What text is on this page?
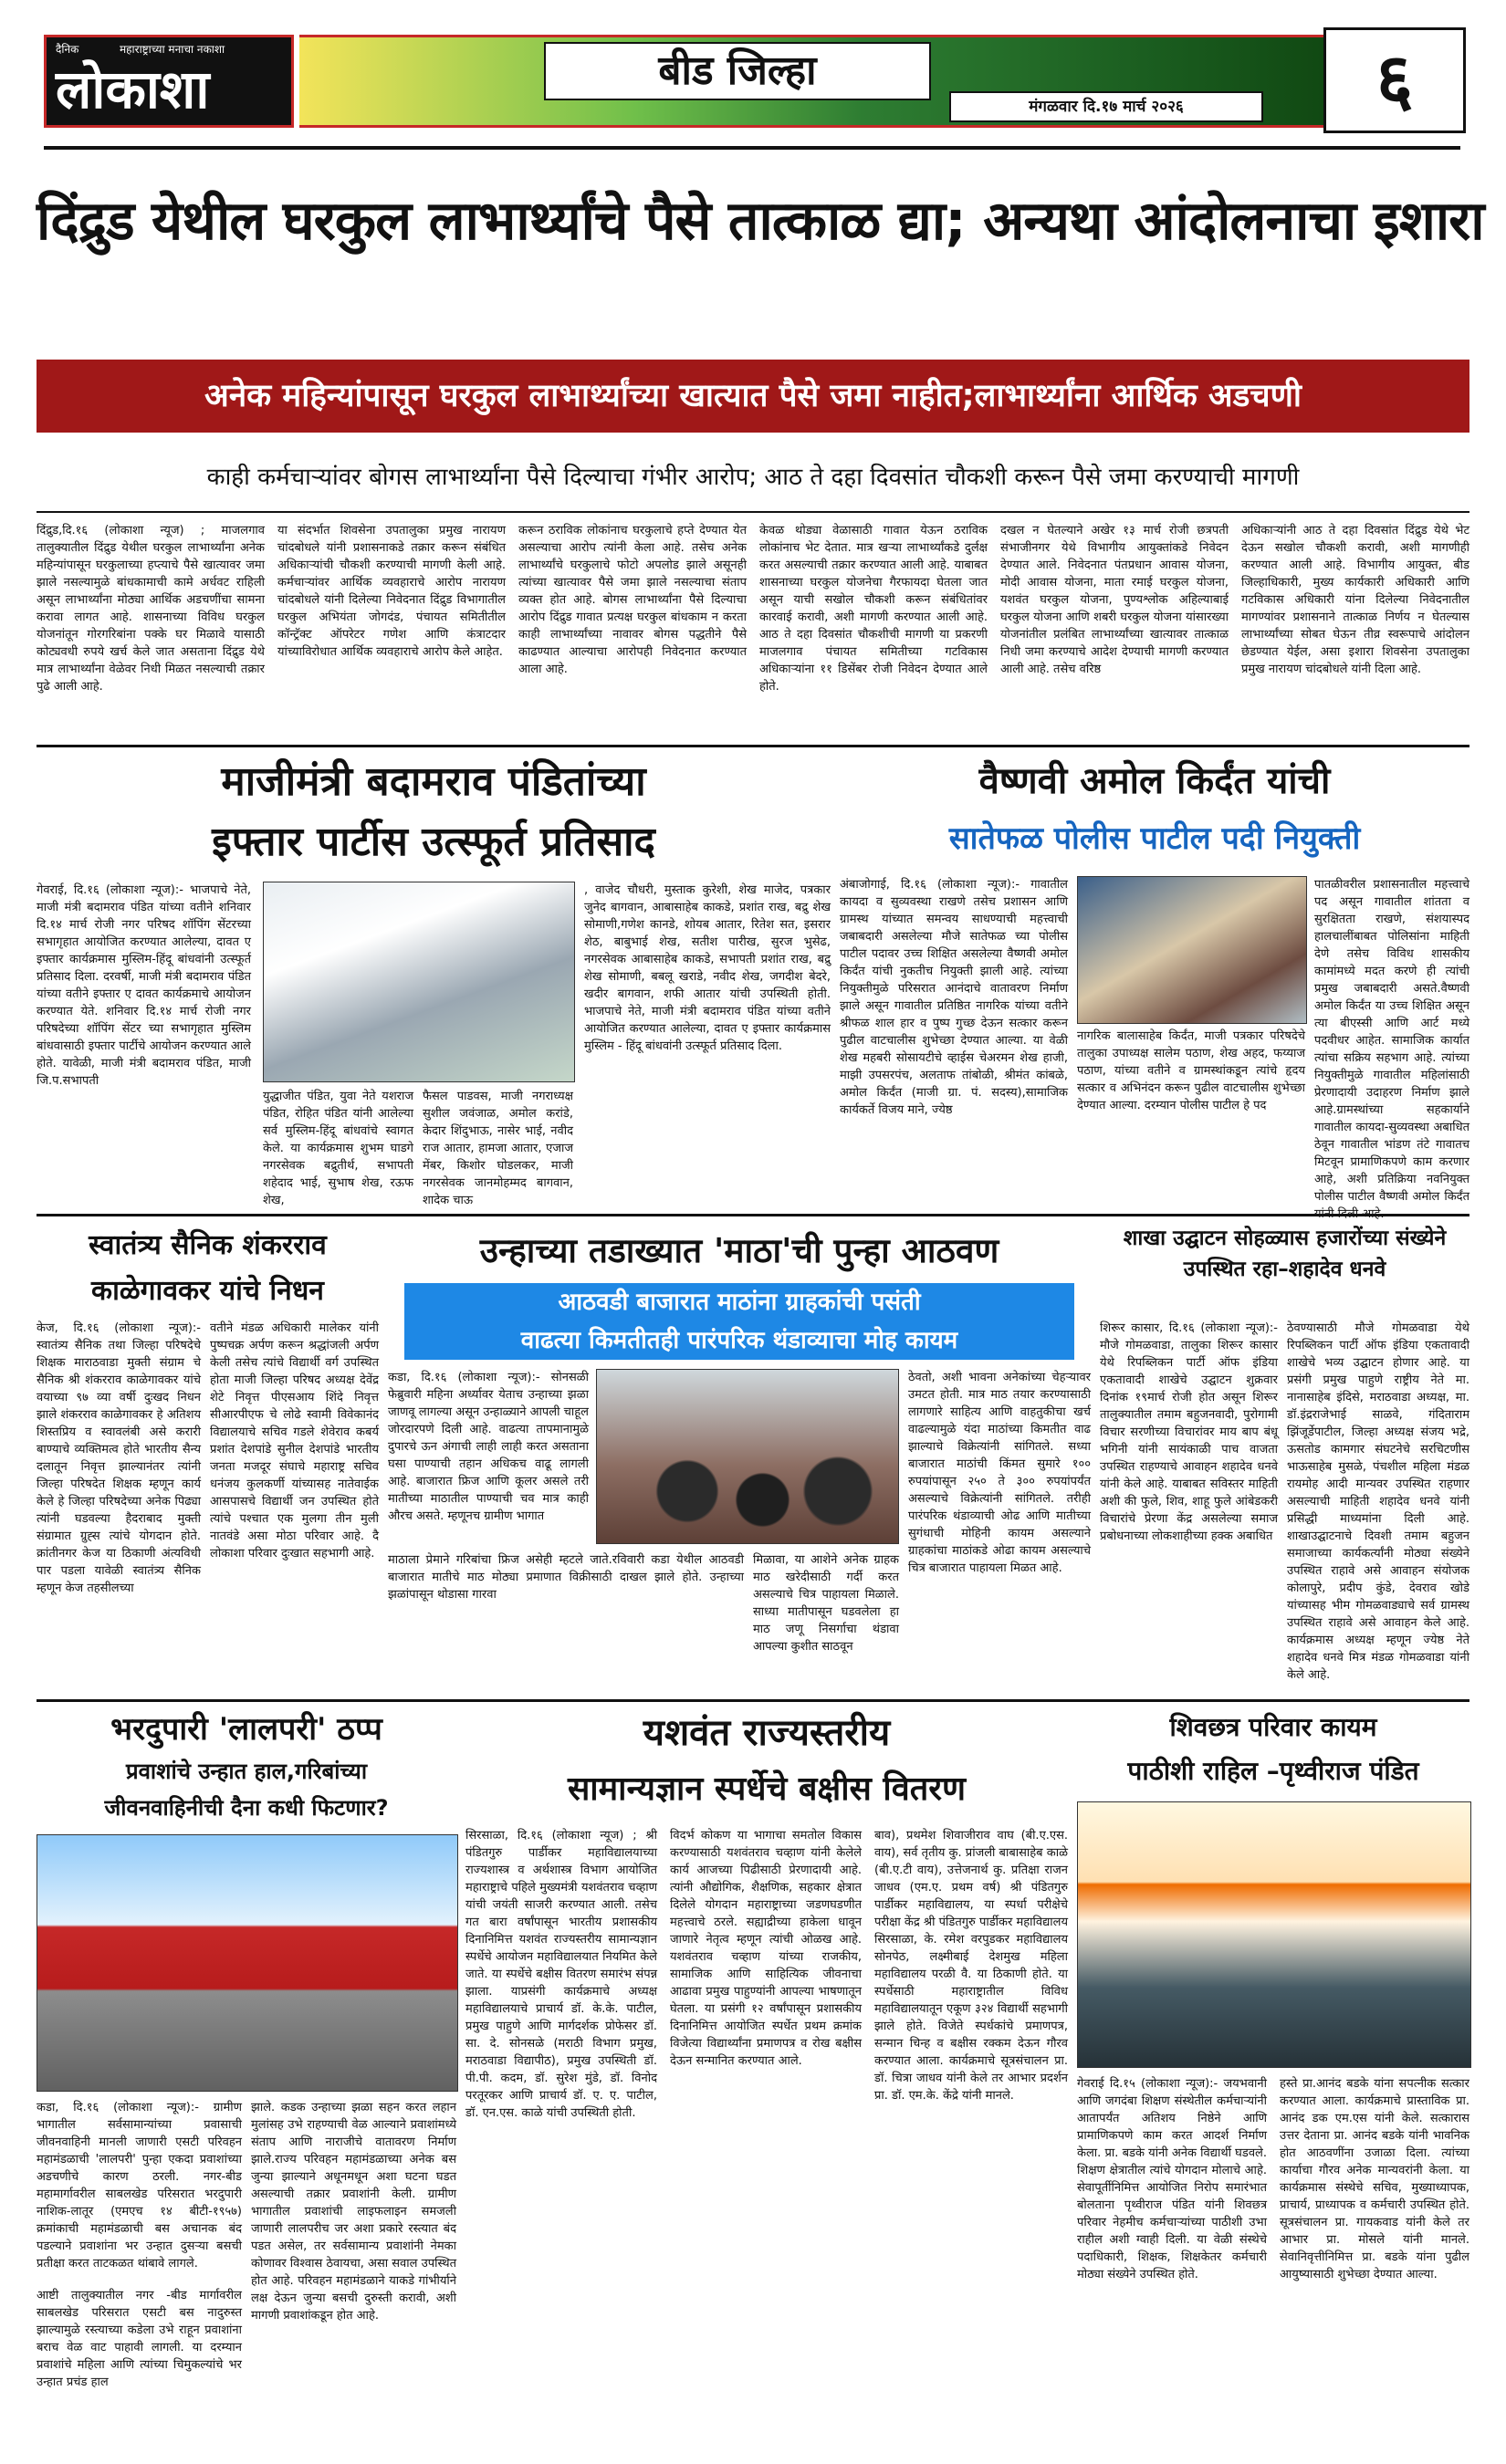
दैनिक	महाराष्ट्राच्या मनाचा नकाशा
लोकाशा	बीड जिल्हा
मंगळवार दि.१७ मार्च २०२६	६
दिंद्रुड येथील घरकुल लाभार्थ्यांचे पैसे तात्काळ द्या; अन्यथा आंदोलनाचा इशारा
अनेक महिन्यांपासून घरकुल लाभार्थ्यांच्या खात्यात पैसे जमा नाहीत;लाभार्थ्यांना आर्थिक अडचणी
काही कर्मचाऱ्यांवर बोगस लाभार्थ्यांना पैसे दिल्याचा गंभीर आरोप; आठ ते दहा दिवसांत चौकशी करून पैसे जमा करण्याची मागणी
दिंद्रुड,दि.१६ (लोकाशा न्यूज) ; माजलगाव तालुक्यातील दिंद्रुड येथील घरकुल लाभार्थ्यांना अनेक महिन्यांपासून घरकुलाच्या हप्त्याचे पैसे खात्यावर जमा झाले नसल्यामुळे बांधकामाची कामे अर्धवट राहिली असून लाभार्थ्यांना मोठ्या आर्थिक अडचणींचा सामना करावा लागत आहे. शासनाच्या विविध घरकुल योजनांतून गोरगरिबांना पक्के घर मिळावे यासाठी कोट्यवधी रुपये खर्च केले जात असताना दिंद्रुड येथे मात्र लाभार्थ्यांना वेळेवर निधी मिळत नसल्याची तक्रार पुढे आली आहे.
या संदर्भात शिवसेना उपतालुका प्रमुख नारायण चांदबोधले यांनी प्रशासनाकडे तक्रार करून संबंधित अधिकाऱ्यांची चौकशी करण्याची मागणी केली आहे. कर्मचाऱ्यांवर आर्थिक व्यवहाराचे आरोप नारायण चांदबोधले यांनी दिलेल्या निवेदनात दिंद्रुड विभागातील घरकुल अभियंता जोगदंड, पंचायत समितीतील कॉन्ट्रॅक्ट ऑपरेटर गणेश आणि कंत्राटदार यांच्याविरोधात आर्थिक व्यवहाराचे आरोप केले आहेत.
करून ठराविक लोकांनाच घरकुलाचे हप्ते देण्यात येत असल्याचा आरोप त्यांनी केला आहे. तसेच अनेक लाभार्थ्यांचे घरकुलाचे फोटो अपलोड झाले असूनही त्यांच्या खात्यावर पैसे जमा झाले नसल्याचा संताप व्यक्त होत आहे. बोगस लाभार्थ्यांना पैसे दिल्याचा आरोप दिंद्रुड गावात प्रत्यक्ष घरकुल बांधकाम न करता काही लाभार्थ्यांच्या नावावर बोगस पद्धतीने पैसे काढण्यात आल्याचा आरोपही निवेदनात करण्यात आला आहे.
केवळ थोड्या वेळासाठी गावात येऊन ठराविक लोकांनाच भेट देतात. मात्र खऱ्या लाभार्थ्यांकडे दुर्लक्ष करत असल्याची तक्रार करण्यात आली आहे. याबाबत शासनाच्या घरकुल योजनेचा गैरफायदा घेतला जात असून याची सखोल चौकशी करून संबंधितांवर कारवाई करावी, अशी मागणी करण्यात आली आहे. आठ ते दहा दिवसांत चौकशीची मागणी या प्रकरणी माजलगाव पंचायत समितीच्या गटविकास अधिकाऱ्यांना ११ डिसेंबर रोजी निवेदन देण्यात आले होते.
दखल न घेतल्याने अखेर १३ मार्च रोजी छत्रपती संभाजीनगर येथे विभागीय आयुक्तांकडे निवेदन देण्यात आले. निवेदनात पंतप्रधान आवास योजना, मोदी आवास योजना, माता रमाई घरकुल योजना, यशवंत घरकुल योजना, पुण्यश्लोक अहिल्याबाई घरकुल योजना आणि शबरी घरकुल योजना यांसारख्या योजनांतील प्रलंबित लाभार्थ्यांच्या खात्यावर तात्काळ निधी जमा करण्याचे आदेश देण्याची मागणी करण्यात आली आहे. तसेच वरिष्ठ
अधिकाऱ्यांनी आठ ते दहा दिवसांत दिंद्रुड येथे भेट देऊन सखोल चौकशी करावी, अशी मागणीही करण्यात आली आहे. विभागीय आयुक्त, बीड जिल्हाधिकारी, मुख्य कार्यकारी अधिकारी आणि गटविकास अधिकारी यांना दिलेल्या निवेदनातील मागण्यांवर प्रशासनाने तात्काळ निर्णय न घेतल्यास लाभार्थ्यांच्या सोबत घेऊन तीव्र स्वरूपाचे आंदोलन छेडण्यात येईल, असा इशारा शिवसेना उपतालुका प्रमुख नारायण चांदबोधले यांनी दिला आहे.
माजीमंत्री बदामराव पंडितांच्या
इफ्तार पार्टीस उत्स्फूर्त प्रतिसाद
गेवराई, दि.१६ (लोकाशा न्यूज):- भाजपाचे नेते, माजी मंत्री बदामराव पंडित यांच्या वतीने शनिवार दि.१४ मार्च रोजी नगर परिषद शॉपिंग सेंटरच्या सभागृहात आयोजित करण्यात आलेल्या, दावत ए इफ्तार कार्यक्रमास मुस्लिम-हिंदू बांधवांनी उत्स्फूर्त प्रतिसाद दिला. दरवर्षी, माजी मंत्री बदामराव पंडित यांच्या वतीने इफ्तार ए दावत कार्यक्रमाचे आयोजन करण्यात येते. शनिवार दि.१४ मार्च रोजी नगर परिषदेच्या शॉपिंग सेंटर च्या सभागृहात मुस्लिम बांधवासाठी इफ्तार पार्टीचे आयोजन करण्यात आले होते. यावेळी, माजी मंत्री बदामराव पंडित, माजी जि.प.सभापती
युद्धाजीत पंडित, युवा नेते यशराज पंडित, रोहित पंडित यांनी आलेल्या सर्व मुस्लिम-हिंदू बांधवांचे स्वागत केले. या कार्यक्रमास शुभम घाडगे नगरसेवक बद्रुतीर्थ, सभापती शहेदाद भाई, सुभाष शेख, रऊफ शेख,
फैसल पाडवस, माजी नगराध्यक्ष सुशील जवंजाळ, अमोल करांडे, केदार शिंदुभाऊ, नासेर भाई, नवीद राज आतार, हामजा आतार, एजाज मेंबर, किशोर घोडलकर, माजी नगरसेवक जानमोहम्मद बागवान, शादेक चाऊ
, वाजेद चौधरी, मुस्ताक कुरेशी, शेख माजेद, पत्रकार जुनेद बागवान, आबासाहेब काकडे, प्रशांत राख, बद्रु शेख सोमाणी,गणेश कानडे, शोयब आतार, रितेश सत, इसरार शेठ, बाबुभाई शेख, सतीश पारीख, सुरज भुसेढ, नगरसेवक आबासाहेब काकडे, सभापती प्रशांत राख, बद्रु शेख सोमाणी, बबलू खराडे, नवीद शेख, जगदीश बेदरे, खदीर बागवान, शफी आतार यांची उपस्थिती होती. भाजपाचे नेते, माजी मंत्री बदामराव पंडित यांच्या वतीने आयोजित करण्यात आलेल्या, दावत ए इफ्तार कार्यक्रमास मुस्लिम - हिंदू बांधवांनी उत्स्फूर्त प्रतिसाद दिला.
वैष्णवी अमोल किर्दंत यांची
सातेफळ पोलीस पाटील पदी नियुक्ती
अंबाजोगाई, दि.१६ (लोकाशा न्यूज):- गावातील कायदा व सुव्यवस्था राखणे तसेच प्रशासन आणि ग्रामस्थ यांच्यात समन्वय साधण्याची महत्त्वाची जबाबदारी असलेल्या मौजे सातेफळ च्या पोलीस पाटील पदावर उच्च शिक्षित असलेल्या वैष्णवी अमोल किर्दंत यांची नुकतीच नियुक्ती झाली आहे. त्यांच्या नियुक्तीमुळे परिसरात आनंदाचे वातावरण निर्माण झाले असून गावातील प्रतिष्ठित नागरिक यांच्या वतीने श्रीफळ शाल हार व पुष्प गुच्छ देऊन सत्कार करून पुढील वाटचालीस शुभेच्छा देण्यात आल्या. या वेळी शेख महबरी सोसायटीचे व्हाईस चेअरमन शेख हाजी, माझी उपसरपंच, अलताफ तांबोळी, श्रीमंत कांबळे, अमोल किर्दंत (माजी ग्रा. पं. सदस्य),सामाजिक कार्यकर्ते विजय माने, ज्येष्ठ
नागरिक बालासाहेब किर्दंत, माजी पत्रकार परिषदेचे तालुका उपाध्यक्ष सालेम पठाण, शेख अहद, फय्याज पठाण, यांच्या वतीने व ग्रामस्थांकडून त्यांचे हृदय सत्कार व अभिनंदन करून पुढील वाटचालीस शुभेच्छा देण्यात आल्या. दरम्यान पोलीस पाटील हे पद
पातळीवरील प्रशासनातील महत्त्वाचे पद असून गावातील शांतता व सुरक्षितता राखणे, संशयास्पद हालचालींबाबत पोलिसांना माहिती देणे तसेच विविध शासकीय कामांमध्ये मदत करणे ही त्यांची प्रमुख जबाबदारी असते.वैष्णवी अमोल किर्दंत या उच्च शिक्षित असून त्या बीएस्सी आणि आर्ट मध्ये पदवीधर आहेत. सामाजिक कार्यात त्यांचा सक्रिय सहभाग आहे. त्यांच्या नियुक्तीमुळे गावातील महिलांसाठी प्रेरणादायी उदाहरण निर्माण झाले आहे.ग्रामस्थांच्या सहकार्याने गावातील कायदा-सुव्यवस्था अबाधित ठेवून गावातील भांडण तंटे गावातच मिटवून प्रामाणिकपणे काम करणार आहे, अशी प्रतिक्रिया नवनियुक्त पोलीस पाटील वैष्णवी अमोल किर्दंत
स्वातंत्र्य सैनिक शंकरराव
काळेगावकर यांचे निधन
केज, दि.१६ (लोकाशा न्यूज):- स्वातंत्र्य सैनिक तथा जिल्हा परिषदेचे शिक्षक माराठवाडा मुक्ती संग्राम चे सैनिक श्री शंकरराव काळेगावकर यांचे वयाच्या ९७ व्या वर्षी दुःखद निधन झाले शंकरराव काळेगावकर हे अतिशय शिस्तप्रिय व स्वावलंबी असे करारी बाण्याचे व्यक्तिमत्व होते भारतीय सैन्य दलातून निवृत्त झाल्यानंतर त्यांनी जिल्हा परिषदेत शिक्षक म्हणून कार्य केले हे जिल्हा परिषदेच्या अनेक पिढ्या त्यांनी घडवल्या हैदराबाद मुक्ती संग्रामात ग्रुह्स त्यांचे योगदान होते. क्रांतीनगर केज या ठिकाणी अंत्यविधी पार पडला यावेळी स्वातंत्र्य सैनिक म्हणून केज तहसीलच्या
वतीने मंडळ अधिकारी मालेकर यांनी पुष्पचक्र अर्पण करून श्रद्धांजली अर्पण केली तसेच त्यांचे विद्यार्थी वर्ग उपस्थित होता माजी जिल्हा परिषद अध्यक्ष देवेंद्र शेटे निवृत्त पीएसआय शिंदे निवृत्त सीआरपीएफ चे लोढे स्वामी विवेकानंद विद्यालयाचे सचिव गडले शेवेराव कबर्य प्रशांत देशपांडे सुनील देशपांडे भारतीय जनता मजदूर संघाचे महाराष्ट्र सचिव धनंजय कुलकर्णी यांच्यासह नातेवाईक आसपासचे विद्यार्थी जन उपस्थित होते त्यांचे पश्चात एक मुलगा तीन मुली नातवंडे असा मोठा परिवार आहे. दै लोकाशा परिवार दुःखात सहभागी आहे.
उन्हाच्या तडाख्यात 'माठा'ची पुन्हा आठवण
आठवडी बाजारात माठांना ग्राहकांची पसंती
वाढत्या किमतीतही पारंपरिक थंडाव्याचा मोह कायम
कडा, दि.१६ (लोकाशा न्यूज):- सोनसळी फेब्रुवारी महिना अर्ध्यावर येताच उन्हाच्या झळा जाणवू लागल्या असून उन्हाळ्याने आपली चाहूल जोरदारपणे दिली आहे. वाढत्या तापमानामुळे दुपारचे ऊन अंगाची लाही लाही करत असताना घसा पाण्याची तहान अधिकच वाढू लागली आहे. बाजारात फ्रिज आणि कूलर असले तरी मातीच्या माठातील पाण्याची चव मात्र काही औरच असते. म्हणूनच ग्रामीण भागात
माठाला प्रेमाने गरिबांचा फ्रिज असेही म्हटले जाते.रविवारी कडा येथील आठवडी बाजारात मातीचे माठ मोठ्या प्रमाणात विक्रीसाठी दाखल झाले होते. उन्हाच्या झळांपासून थोडासा गारवा
मिळावा, या आशेने अनेक ग्राहक माठ खरेदीसाठी गर्दी करत असल्याचे चित्र पाहायला मिळाले. साध्या मातीपासून घडवलेला हा माठ जणू निसर्गाचा थंडावा आपल्या कुशीत साठवून
ठेवतो, अशी भावना अनेकांच्या चेहऱ्यावर उमटत होती. मात्र माठ तयार करण्यासाठी लागणारे साहित्य आणि वाहतुकीचा खर्च वाढल्यामुळे यंदा माठांच्या किमतीत वाढ झाल्याचे विक्रेत्यांनी सांगितले. सध्या बाजारात माठांची किंमत सुमारे १०० रुपयांपासून २५० ते ३०० रुपयांपर्यंत असल्याचे विक्रेत्यांनी सांगितले. तरीही पारंपरिक थंडाव्याची ओढ आणि मातीच्या सुगंधाची मोहिनी कायम असल्याने ग्राहकांचा माठांकडे ओढा कायम असल्याचे चित्र बाजारात पाहायला मिळत आहे.
शाखा उद्घाटन सोहळ्यास हजारोंच्या संख्येने उपस्थित रहा–शहादेव धनवे
शिरूर कासार, दि.१६ (लोकाशा न्यूज):-मौजे गोमळवाडा, तालुका शिरूर कासार येथे रिपब्लिकन पार्टी ऑफ इंडिया एकतावादी शाखेचे उद्घाटन शुक्रवार दिनांक १९मार्च रोजी होत असून शिरूर तालुक्यातील तमाम बहुजनवादी, पुरोगामी विचार सरणीच्या विचारांवर माय बाप बंधू भगिनी यांनी सायंकाळी पाच वाजता उपस्थित राहण्याचे आवाहन शहादेव धनवे यांनी केले आहे. याबाबत सविस्तर माहिती अशी की फुले, शिव, शाहू फुले आंबेडकरी विचारांचे प्रेरणा केंद्र असलेल्या समाज प्रबोधनाच्या लोकशाहीच्या हक्क अबाधित
ठेवण्यासाठी मौजे गोमळवाडा येथे रिपब्लिकन पार्टी ऑफ इंडिया एकतावादी शाखेचे भव्य उद्घाटन होणार आहे. या प्रसंगी प्रमुख पाहुणे राष्ट्रीय नेते मा. नानासाहेब इंदिसे, मराठवाडा अध्यक्ष, मा. डॉ.इंद्रराजेभाई साळवे, गंदिताराम झिंजूर्डेपाटील, जिल्हा अध्यक्ष संजय भद्रे, ऊसतोड कामगार संघटनेचे सरचिटणीस भाऊसाहेब मुसळे, पंचशील महिला मंडळ रायमोह आदी मान्यवर उपस्थित राहणार असल्याची माहिती शहादेव धनवे यांनी प्रसिद्धी माध्यमांना दिली आहे. शाखाउद्घाटनाचे दिवशी तमाम बहुजन समाजाच्या कार्यकर्त्यांनी मोठ्या संख्येने उपस्थित राहावे असे आवाहन संयोजक कोलापुरे, प्रदीप कुंडे, देवराव खोडे यांच्यासह भीम गोमळवाड्याचे सर्व ग्रामस्थ उपस्थित राहावे असे आवाहन केले आहे. कार्यक्रमास अध्यक्ष म्हणून ज्येष्ठ नेते शहादेव धनवे मित्र मंडळ गोमळवाडा यांनी केले आहे.
भरदुपारी 'लालपरी' ठप्प
प्रवाशांचे उन्हात हाल,गरिबांच्या
जीवनवाहिनीची दैना कधी फिटणार?
कडा, दि.१६ (लोकाशा न्यूज):- ग्रामीण भागातील सर्वसामान्यांच्या प्रवासाची जीवनवाहिनी मानली जाणारी एसटी परिवहन महामंडळाची 'लालपरी' पुन्हा एकदा प्रवाशांच्या अडचणीचे कारण ठरली. नगर-बीड महामार्गावरील साबलखेड परिसरात भरदुपारी नाशिक-लातूर (एमएच १४ बीटी-१९५७) क्रमांकाची महामंडळाची बस अचानक बंद पडल्याने प्रवाशांना भर उन्हात दुसऱ्या बसची प्रतीक्षा करत ताटकळत थांबावे लागले.
आष्टी तालुक्यातील नगर -बीड मार्गावरील साबलखेड परिसरात एसटी बस नादुरुस्त झाल्यामुळे रस्त्याच्या कडेला उभे राहून प्रवाशांना बराच वेळ वाट पाहावी लागली. या दरम्यान प्रवाशांचे महिला आणि त्यांच्या चिमुकल्यांचे भर उन्हात प्रचंड हाल
झाले. कडक उन्हाच्या झळा सहन करत लहान मुलांसह उभे राहण्याची वेळ आल्याने प्रवाशांमध्ये संताप आणि नाराजीचे वातावरण निर्माण झाले.राज्य परिवहन महामंडळाच्या अनेक बस जुन्या झाल्याने अधूनमधून अशा घटना घडत असल्याची तक्रार प्रवाशांनी केली. ग्रामीण भागातील प्रवाशांची लाइफलाइन समजली जाणारी लालपरीच जर अशा प्रकारे रस्त्यात बंद पडत असेल, तर सर्वसामान्य प्रवाशांनी नेमका कोणावर विश्वास ठेवायचा, असा सवाल उपस्थित होत आहे. परिवहन महामंडळाने याकडे गांभीर्याने लक्ष देऊन जुन्या बसची दुरुस्ती करावी, अशी मागणी प्रवाशांकडून होत आहे.
यशवंत राज्यस्तरीय
सामान्यज्ञान स्पर्धेचे बक्षीस वितरण
सिरसाळा, दि.१६ (लोकाशा न्यूज) ; श्री पंडितगुरु पार्डीकर महाविद्यालयाच्या राज्यशास्त्र व अर्थशास्त्र विभाग आयोजित महाराष्ट्राचे पहिले मुख्यमंत्री यशवंतराव चव्हाण यांची जयंती साजरी करण्यात आली. तसेच गत बारा वर्षांपासून भारतीय प्रशासकीय दिनानिमित्त यशवंत राज्यस्तरीय सामान्यज्ञान स्पर्धेचे आयोजन महाविद्यालयात नियमित केले जाते. या स्पर्धेचे बक्षीस वितरण समारंभ संपन्न झाला. याप्रसंगी कार्यक्रमाचे अध्यक्ष महाविद्यालयाचे प्राचार्य डॉ. के.के. पाटील, प्रमुख पाहुणे आणि मार्गदर्शक प्रोफेसर डॉ. सा. दे. सोनसळे (मराठी विभाग प्रमुख, मराठवाडा विद्यापीठ), प्रमुख उपस्थिती डॉ. पी.पी. कदम, डॉ. सुरेश मुंडे, डॉ. विनोद परतूरकर आणि प्राचार्य डॉ. ए. ए. पाटील, डॉ. एन.एस. काळे यांची उपस्थिती होती.
विदर्भ कोकण या भागाचा समतोल विकास करण्यासाठी यशवंतराव चव्हाण यांनी केलेले कार्य आजच्या पिढीसाठी प्रेरणादायी आहे. त्यांनी औद्योगिक, शैक्षणिक, सहकार क्षेत्रात दिलेले योगदान महाराष्ट्राच्या जडणघडणीत महत्त्वाचे ठरले. सह्याद्रीच्या हाकेला धावून जाणारे नेतृत्व म्हणून त्यांची ओळख आहे. यशवंतराव चव्हाण यांच्या राजकीय, सामाजिक आणि साहित्यिक जीवनाचा आढावा प्रमुख पाहुण्यांनी आपल्या भाषणातून घेतला. या प्रसंगी १२ वर्षांपासून प्रशासकीय दिनानिमित्त आयोजित स्पर्धेत प्रथम क्रमांक विजेत्या विद्यार्थ्यांना प्रमाणपत्र व रोख बक्षीस देऊन सन्मानित करण्यात आले.
बाव), प्रथमेश शिवाजीराव वाघ (बी.ए.एस. वाय), सर्व तृतीय कु. प्रांजली बाबासाहेब काळे (बी.ए.टी वाय), उत्तेजनार्थ कु. प्रतिक्षा राजन जाधव (एम.ए. प्रथम वर्ष) श्री पंडितगुरु पार्डीकर महाविद्यालय, या स्पर्धा परीक्षेचे परीक्षा केंद्र श्री पंडितगुरु पार्डीकर महाविद्यालय सिरसाळा, के. रमेश वरपुडकर महाविद्यालय सोनपेठ, लक्ष्मीबाई देशमुख महिला महाविद्यालय परळी वै. या ठिकाणी होते. या स्पर्धेसाठी महाराष्ट्रातील विविध महाविद्यालयातून एकूण ३२४ विद्यार्थी सहभागी झाले होते. विजेते स्पर्धकांचे प्रमाणपत्र, सन्मान चिन्ह व बक्षीस रक्कम देऊन गौरव करण्यात आला. कार्यक्रमाचे सूत्रसंचालन प्रा. डॉ. चित्रा जाधव यांनी केले तर आभार प्रदर्शन प्रा. डॉ. एम.के. केंद्रे यांनी मानले.
शिवछत्र परिवार कायम
पाठीशी राहिल –पृथ्वीराज पंडित
गेवराई दि.१५ (लोकाशा न्यूज):- जयभवानी आणि जगदंबा शिक्षण संस्थेतील कर्मचाऱ्यांनी आतापर्यंत अतिशय निष्ठेने आणि प्रामाणिकपणे काम करत आदर्श निर्माण केला. प्रा. बडके यांनी अनेक विद्यार्थी घडवले. शिक्षण क्षेत्रातील त्यांचे योगदान मोलाचे आहे. सेवापूर्तीनिमित्त आयोजित निरोप समारंभात बोलताना पृथ्वीराज पंडित यांनी शिवछत्र परिवार नेहमीच कर्मचाऱ्यांच्या पाठीशी उभा राहील अशी ग्वाही दिली. या वेळी संस्थेचे पदाधिकारी, शिक्षक, शिक्षकेतर कर्मचारी मोठ्या संख्येने उपस्थित होते.
हस्ते प्रा.आनंद बडके यांना सपत्नीक सत्कार करण्यात आला. कार्यक्रमाचे प्रास्ताविक प्रा. आनंद डक एम.एस यांनी केले. सत्कारास उत्तर देताना प्रा. आनंद बडके यांनी भावनिक होत आठवणींना उजाळा दिला. त्यांच्या कार्याचा गौरव अनेक मान्यवरांनी केला. या कार्यक्रमास संस्थेचे सचिव, मुख्याध्यापक, प्राचार्य, प्राध्यापक व कर्मचारी उपस्थित होते. सूत्रसंचालन प्रा. गायकवाड यांनी केले तर आभार प्रा. मोसले यांनी मानले. सेवानिवृत्तीनिमित्त प्रा. बडके यांना पुढील आयुष्यासाठी शुभेच्छा देण्यात आल्या.
